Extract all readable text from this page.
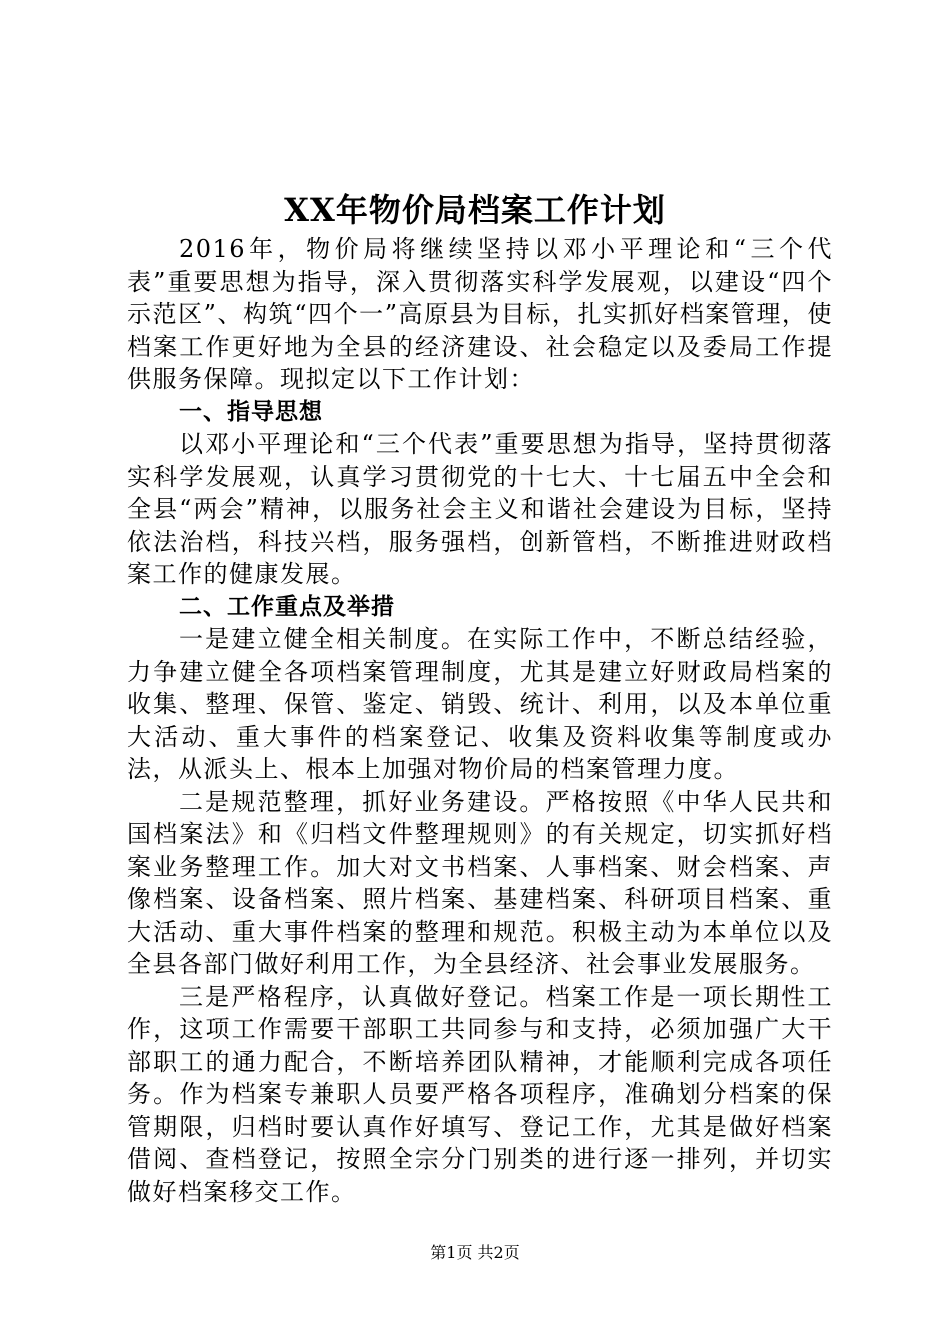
XX年物价局档案工作计划

2016年，物价局将继续坚持以邓小平理论和“三个代表”重要思想为指导，深入贯彻落实科学发展观，以建设“四个示范区”、构筑“四个一”高原县为目标，扎实抓好档案管理，使档案工作更好地为全县的经济建设、社会稳定以及委局工作提供服务保障。现拟定以下工作计划：

一、指导思想

以邓小平理论和“三个代表”重要思想为指导，坚持贯彻落实科学发展观，认真学习贯彻党的十七大、十七届五中全会和全县“两会”精神，以服务社会主义和谐社会建设为目标，坚持依法治档，科技兴档，服务强档，创新管档，不断推进财政档案工作的健康发展。

二、工作重点及举措

一是建立健全相关制度。在实际工作中，不断总结经验，力争建立健全各项档案管理制度，尤其是建立好财政局档案的收集、整理、保管、鉴定、销毁、统计、利用，以及本单位重大活动、重大事件的档案登记、收集及资料收集等制度或办法，从派头上、根本上加强对物价局的档案管理力度。

二是规范整理，抓好业务建设。严格按照《中华人民共和国档案法》和《归档文件整理规则》的有关规定，切实抓好档案业务整理工作。加大对文书档案、人事档案、财会档案、声像档案、设备档案、照片档案、基建档案、科研项目档案、重大活动、重大事件档案的整理和规范。积极主动为本单位以及全县各部门做好利用工作，为全县经济、社会事业发展服务。

三是严格程序，认真做好登记。档案工作是一项长期性工作，这项工作需要干部职工共同参与和支持，必须加强广大干部职工的通力配合，不断培养团队精神，才能顺利完成各项任务。作为档案专兼职人员要严格各项程序，准确划分档案的保管期限，归档时要认真作好填写、登记工作，尤其是做好档案借阅、查档登记，按照全宗分门别类的进行逐一排列，并切实做好档案移交工作。

第1页 共2页
